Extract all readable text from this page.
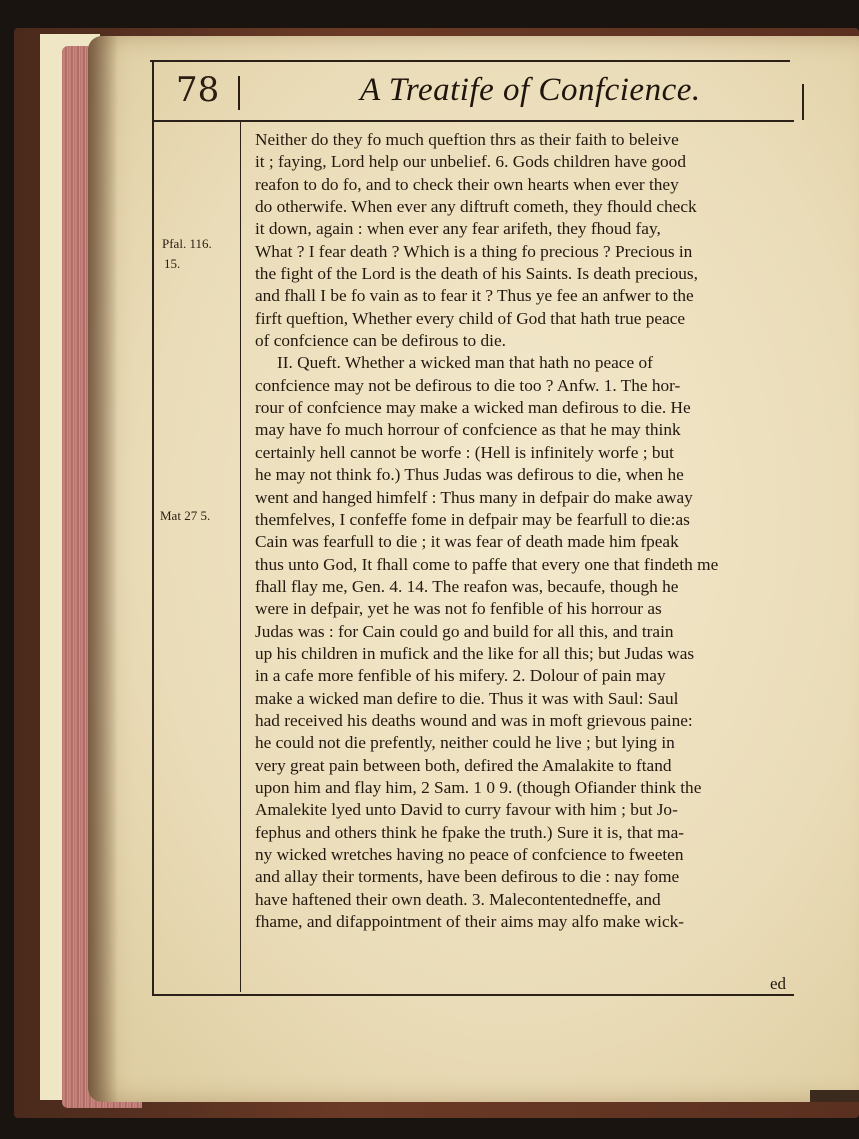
78	A Treatife of Confcience.
Pfal. 116.
15.
Mat 27 5.
Neither do they fo much queftion thrs as their faith to beleive
it ; faying, Lord help our unbelief. 6. Gods children have good
reafon to do fo, and to check their own hearts when ever they
do otherwife. When ever any diftruft cometh, they fhould check
it down, again : when ever any fear arifeth, they fhoud fay,
What ? I fear death ? Which is a thing fo precious ? Precious in
the fight of the Lord is the death of his Saints. Is death precious,
and fhall I be fo vain as to fear it ? Thus ye fee an anfwer to the
firft queftion, Whether every child of God that hath true peace
of confcience can be defirous to die.
II. Queft. Whether a wicked man that hath no peace of
confcience may not be defirous to die too ? Anfw. 1. The hor-
rour of confcience may make a wicked man defirous to die. He
may have fo much horrour of confcience as that he may think
certainly hell cannot be worfe : (Hell is infinitely worfe ; but
he may not think fo.) Thus Judas was defirous to die, when he
went and hanged himfelf : Thus many in defpair do make away
themfelves, I confeffe fome in defpair may be fearfull to die:as
Cain was fearfull to die ; it was fear of death made him fpeak
thus unto God, It fhall come to paffe that every one that findeth me
fhall flay me, Gen. 4. 14. The reafon was, becaufe, though he
were in defpair, yet he was not fo fenfible of his horrour as
Judas was : for Cain could go and build for all this, and train
up his children in mufick and the like for all this; but Judas was
in a cafe more fenfible of his mifery. 2. Dolour of pain may
make a wicked man defire to die. Thus it was with Saul: Saul
had received his deaths wound and was in moft grievous paine:
he could not die prefently, neither could he live ; but lying in
very great pain between both, defired the Amalakite to ftand
upon him and flay him, 2 Sam. 1 0 9. (though Ofiander think the
Amalekite lyed unto David to curry favour with him ; but Jo-
fephus and others think he fpake the truth.) Sure it is, that ma-
ny wicked wretches having no peace of confcience to fweeten
and allay their torments, have been defirous to die : nay fome
have haftened their own death. 3. Malecontentedneffe, and
fhame, and difappointment of their aims may alfo make wick-
ed
